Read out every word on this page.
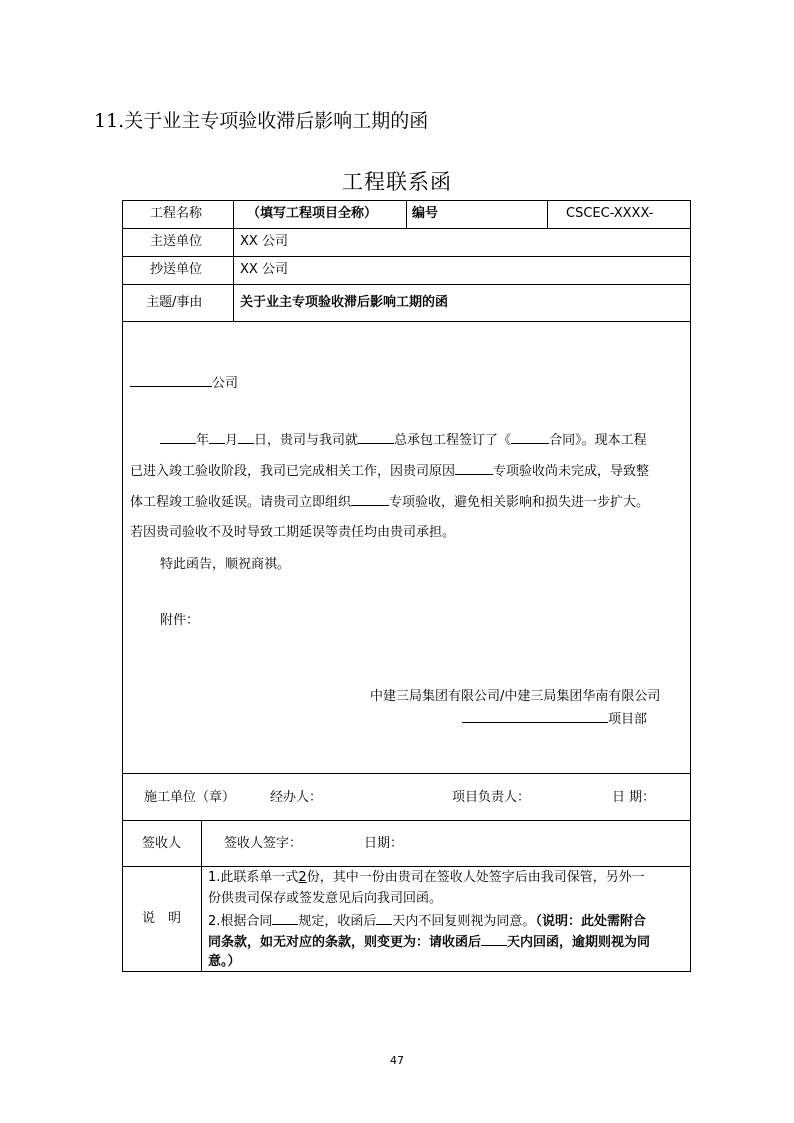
11.关于业主专项验收滞后影响工期的函
工程联系函
工程名称	（填写工程项目全称）	编号	CSCEC-XXXX-
主送单位	XX 公司
抄送单位	XX 公司
主题/事由	关于业主专项验收滞后影响工期的函
公司
年 月 日，贵司与我司就	总承包工程签订了《	合同》。现本工程
已进入竣工验收阶段，我司已完成相关工作，因贵司原因	专项验收尚未完成，导致整
体工程竣工验收延误。请贵司立即组织	专项验收，避免相关影响和损失进一步扩大。
若因贵司验收不及时导致工期延误等责任均由贵司承担。
特此函告，顺祝商祺。
附件：
中建三局集团有限公司/中建三局集团华南有限公司
项目部
施工单位（章）	经办人：	项目负责人：	日 期：
签收人	签收人签字：	日期：
说　明
1.此联系单一式2份，其中一份由贵司在签收人处签字后由我司保管，另外一
份供贵司保存或签发意见后向我司回函。
2.根据合同 规定，收函后 天内不回复则视为同意。（说明：此处需附合
同条款，如无对应的条款，则变更为：请收函后 天内回函，逾期则视为同
意。）
47
